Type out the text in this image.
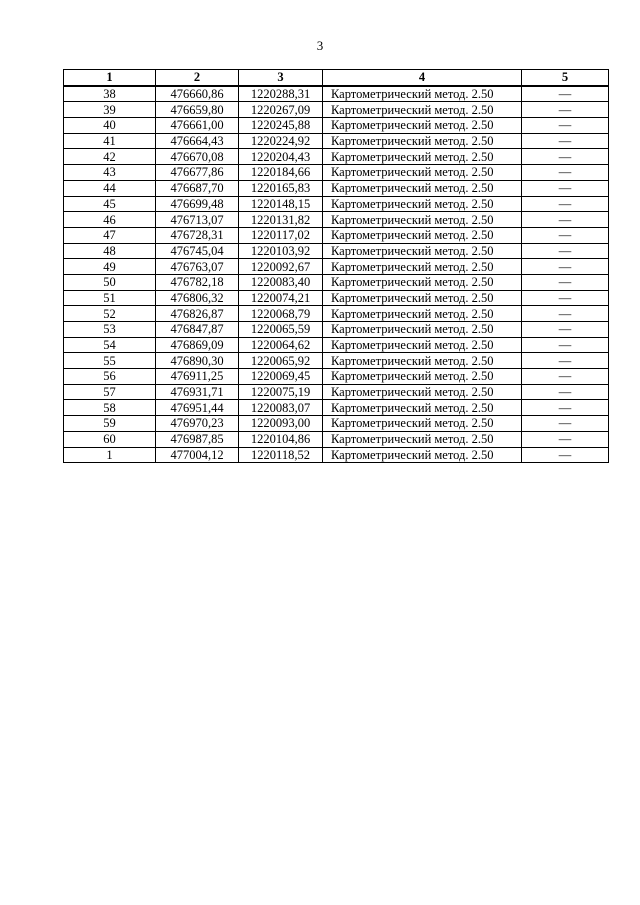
3
1	2	3	4	5
38	476660,86	1220288,31	Картометрический метод. 2.50	—
39	476659,80	1220267,09	Картометрический метод. 2.50	—
40	476661,00	1220245,88	Картометрический метод. 2.50	—
41	476664,43	1220224,92	Картометрический метод. 2.50	—
42	476670,08	1220204,43	Картометрический метод. 2.50	—
43	476677,86	1220184,66	Картометрический метод. 2.50	—
44	476687,70	1220165,83	Картометрический метод. 2.50	—
45	476699,48	1220148,15	Картометрический метод. 2.50	—
46	476713,07	1220131,82	Картометрический метод. 2.50	—
47	476728,31	1220117,02	Картометрический метод. 2.50	—
48	476745,04	1220103,92	Картометрический метод. 2.50	—
49	476763,07	1220092,67	Картометрический метод. 2.50	—
50	476782,18	1220083,40	Картометрический метод. 2.50	—
51	476806,32	1220074,21	Картометрический метод. 2.50	—
52	476826,87	1220068,79	Картометрический метод. 2.50	—
53	476847,87	1220065,59	Картометрический метод. 2.50	—
54	476869,09	1220064,62	Картометрический метод. 2.50	—
55	476890,30	1220065,92	Картометрический метод. 2.50	—
56	476911,25	1220069,45	Картометрический метод. 2.50	—
57	476931,71	1220075,19	Картометрический метод. 2.50	—
58	476951,44	1220083,07	Картометрический метод. 2.50	—
59	476970,23	1220093,00	Картометрический метод. 2.50	—
60	476987,85	1220104,86	Картометрический метод. 2.50	—
1	477004,12	1220118,52	Картометрический метод. 2.50	—
